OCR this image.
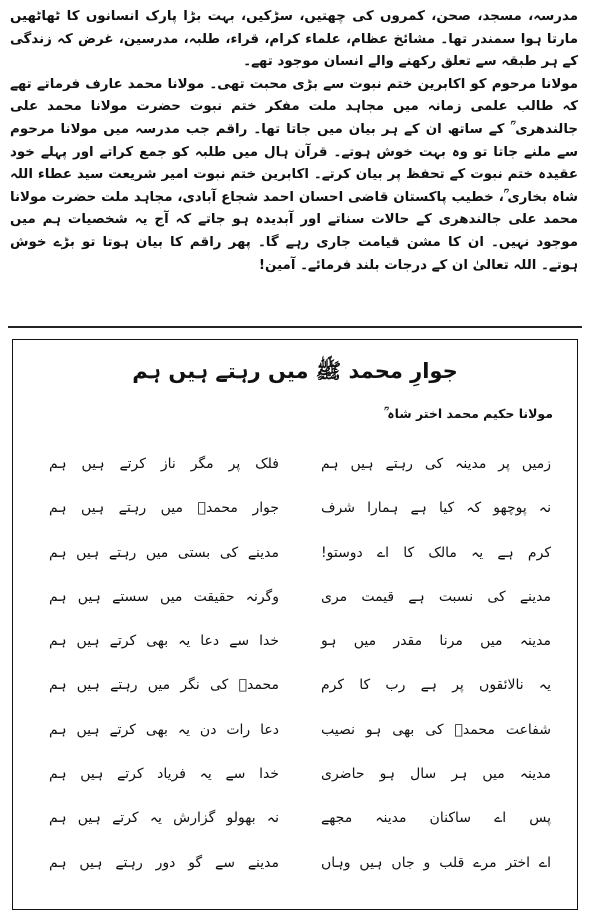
مدرسہ، مسجد، صحن، کمروں کی چھتیں، سڑکیں، بہت بڑا پارک انسانوں کا ٹھاٹھیں مارتا ہوا سمندر تھا۔ مشائخ عظام، علماء کرام، قراء، طلبہ، مدرسین، غرض کہ زندگی کے ہر طبقہ سے تعلق رکھنے والے انسان موجود تھے۔

مولانا مرحوم کو اکابرین ختم نبوت سے بڑی محبت تھی۔ مولانا محمد عارف فرماتے تھے کہ طالب علمی زمانہ میں مجاہد ملت مفکر ختم نبوت حضرت مولانا محمد علی جالندھری ؒ کے ساتھ ان کے ہر بیان میں جاتا تھا۔ راقم جب مدرسہ میں مولانا مرحوم سے ملنے جاتا تو وہ بہت خوش ہوتے۔ قرآن ہال میں طلبہ کو جمع کراتے اور پہلے خود عقیدہ ختم نبوت کے تحفظ پر بیان کرتے۔ اکابرین ختم نبوت امیر شریعت سید عطاء اللہ شاہ بخاری ؒ، خطیب پاکستان قاضی احسان احمد شجاع آبادی، مجاہد ملت حضرت مولانا محمد علی جالندھری کے حالات سناتے اور آبدیدہ ہو جاتے کہ آج یہ شخصیات ہم میں موجود نہیں۔ ان کا مشن قیامت جاری رہے گا۔ پھر راقم کا بیان ہوتا تو بڑے خوش ہوتے۔ اللہ تعالیٰ ان کے درجات بلند فرمائے۔ آمین!

جوارِ محمد ﷺ میں رہتے ہیں ہم
مولانا حکیم محمد اختر شاہ ؒ
زمیں پر مدینہ کی رہتے ہیں ہم
فلک پر مگر ناز کرتے ہیں ہم
نہ پوچھو کہ کیا ہے ہمارا شرف
جوار محمدؐ میں رہتے ہیں ہم
کرم ہے یہ مالک کا اے دوستو!
مدینے کی بستی میں رہتے ہیں ہم
مدینے کی نسبت ہے قیمت مری
وگرنہ حقیقت میں سستے ہیں ہم
مدینہ میں مرنا مقدر میں ہو
خدا سے دعا یہ بھی کرتے ہیں ہم
یہ نالائقوں پر ہے رب کا کرم
محمدؐ کی نگر میں رہتے ہیں ہم
شفاعت محمدؐ کی بھی ہو نصیب
دعا رات دن یہ بھی کرتے ہیں ہم
مدینہ میں ہر سال ہو حاضری
خدا سے یہ فریاد کرتے ہیں ہم
پس اے ساکنان مدینہ مجھے
نہ بھولو گزارش یہ کرتے ہیں ہم
اے اختر مرے قلب و جاں ہیں وہاں
مدینے سے گو دور رہتے ہیں ہم
